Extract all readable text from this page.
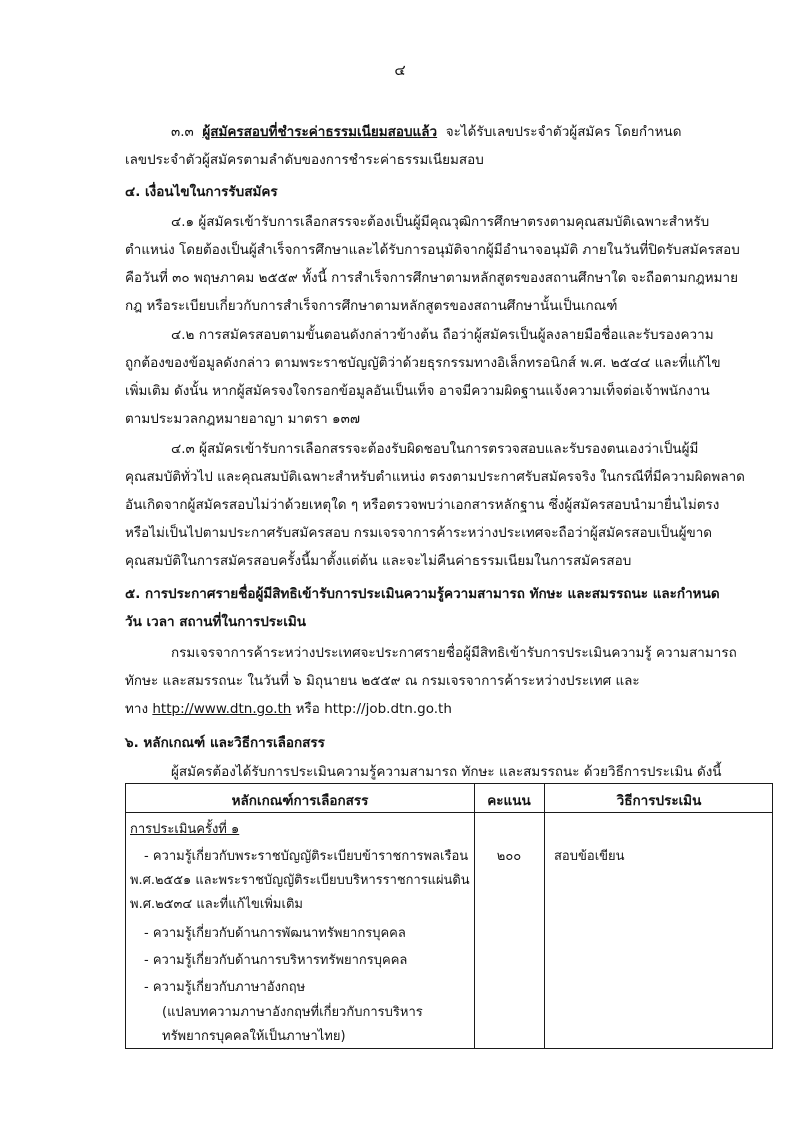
๔
๓.๓ ผู้สมัครสอบที่ชำระค่าธรรมเนียมสอบแล้ว จะได้รับเลขประจำตัวผู้สมัคร โดยกำหนด
เลขประจำตัวผู้สมัครตามลำดับของการชำระค่าธรรมเนียมสอบ
๔. เงื่อนไขในการรับสมัคร
๔.๑ ผู้สมัครเข้ารับการเลือกสรรจะต้องเป็นผู้มีคุณวุฒิการศึกษาตรงตามคุณสมบัติเฉพาะสำหรับ
ตำแหน่ง โดยต้องเป็นผู้สำเร็จการศึกษาและได้รับการอนุมัติจากผู้มีอำนาจอนุมัติ ภายในวันที่ปิดรับสมัครสอบ
คือวันที่ ๓๐ พฤษภาคม ๒๕๕๙ ทั้งนี้ การสำเร็จการศึกษาตามหลักสูตรของสถานศึกษาใด จะถือตามกฎหมาย
กฎ หรือระเบียบเกี่ยวกับการสำเร็จการศึกษาตามหลักสูตรของสถานศึกษานั้นเป็นเกณฑ์
๔.๒ การสมัครสอบตามขั้นตอนดังกล่าวข้างต้น ถือว่าผู้สมัครเป็นผู้ลงลายมือชื่อและรับรองความ
ถูกต้องของข้อมูลดังกล่าว ตามพระราชบัญญัติว่าด้วยธุรกรรมทางอิเล็กทรอนิกส์ พ.ศ. ๒๕๔๔ และที่แก้ไข
เพิ่มเติม ดังนั้น หากผู้สมัครจงใจกรอกข้อมูลอันเป็นเท็จ อาจมีความผิดฐานแจ้งความเท็จต่อเจ้าพนักงาน
ตามประมวลกฎหมายอาญา มาตรา ๑๓๗
๔.๓ ผู้สมัครเข้ารับการเลือกสรรจะต้องรับผิดชอบในการตรวจสอบและรับรองตนเองว่าเป็นผู้มี
คุณสมบัติทั่วไป และคุณสมบัติเฉพาะสำหรับตำแหน่ง ตรงตามประกาศรับสมัครจริง ในกรณีที่มีความผิดพลาด
อันเกิดจากผู้สมัครสอบไม่ว่าด้วยเหตุใด ๆ หรือตรวจพบว่าเอกสารหลักฐาน ซึ่งผู้สมัครสอบนำมายื่นไม่ตรง
หรือไม่เป็นไปตามประกาศรับสมัครสอบ กรมเจรจาการค้าระหว่างประเทศจะถือว่าผู้สมัครสอบเป็นผู้ขาด
คุณสมบัติในการสมัครสอบครั้งนี้มาตั้งแต่ต้น และจะไม่คืนค่าธรรมเนียมในการสมัครสอบ
๕. การประกาศรายชื่อผู้มีสิทธิเข้ารับการประเมินความรู้ความสามารถ ทักษะ และสมรรถนะ และกำหนด
วัน เวลา สถานที่ในการประเมิน
กรมเจรจาการค้าระหว่างประเทศจะประกาศรายชื่อผู้มีสิทธิเข้ารับการประเมินความรู้ ความสามารถ
ทักษะ และสมรรถนะ ในวันที่ ๖ มิถุนายน ๒๕๕๙ ณ กรมเจรจาการค้าระหว่างประเทศ และ
ทาง http://www.dtn.go.th หรือ http://job.dtn.go.th
๖. หลักเกณฑ์ และวิธีการเลือกสรร
ผู้สมัครต้องได้รับการประเมินความรู้ความสามารถ ทักษะ และสมรรถนะ ด้วยวิธีการประเมิน ดังนี้
หลักเกณฑ์การเลือกสรร	คะแนน	วิธีการประเมิน
การประเมินครั้งที่ ๑
- ความรู้เกี่ยวกับพระราชบัญญัติระเบียบข้าราชการพลเรือน
พ.ศ.๒๕๕๑ และพระราชบัญญัติระเบียบบริหารราชการแผ่นดิน
พ.ศ.๒๕๓๔ และที่แก้ไขเพิ่มเติม
- ความรู้เกี่ยวกับด้านการพัฒนาทรัพยากรบุคคล
- ความรู้เกี่ยวกับด้านการบริหารทรัพยากรบุคคล
- ความรู้เกี่ยวกับภาษาอังกฤษ
(แปลบทความภาษาอังกฤษที่เกี่ยวกับการบริหาร
ทรัพยากรบุคคลให้เป็นภาษาไทย)
๒๐๐	สอบข้อเขียน
